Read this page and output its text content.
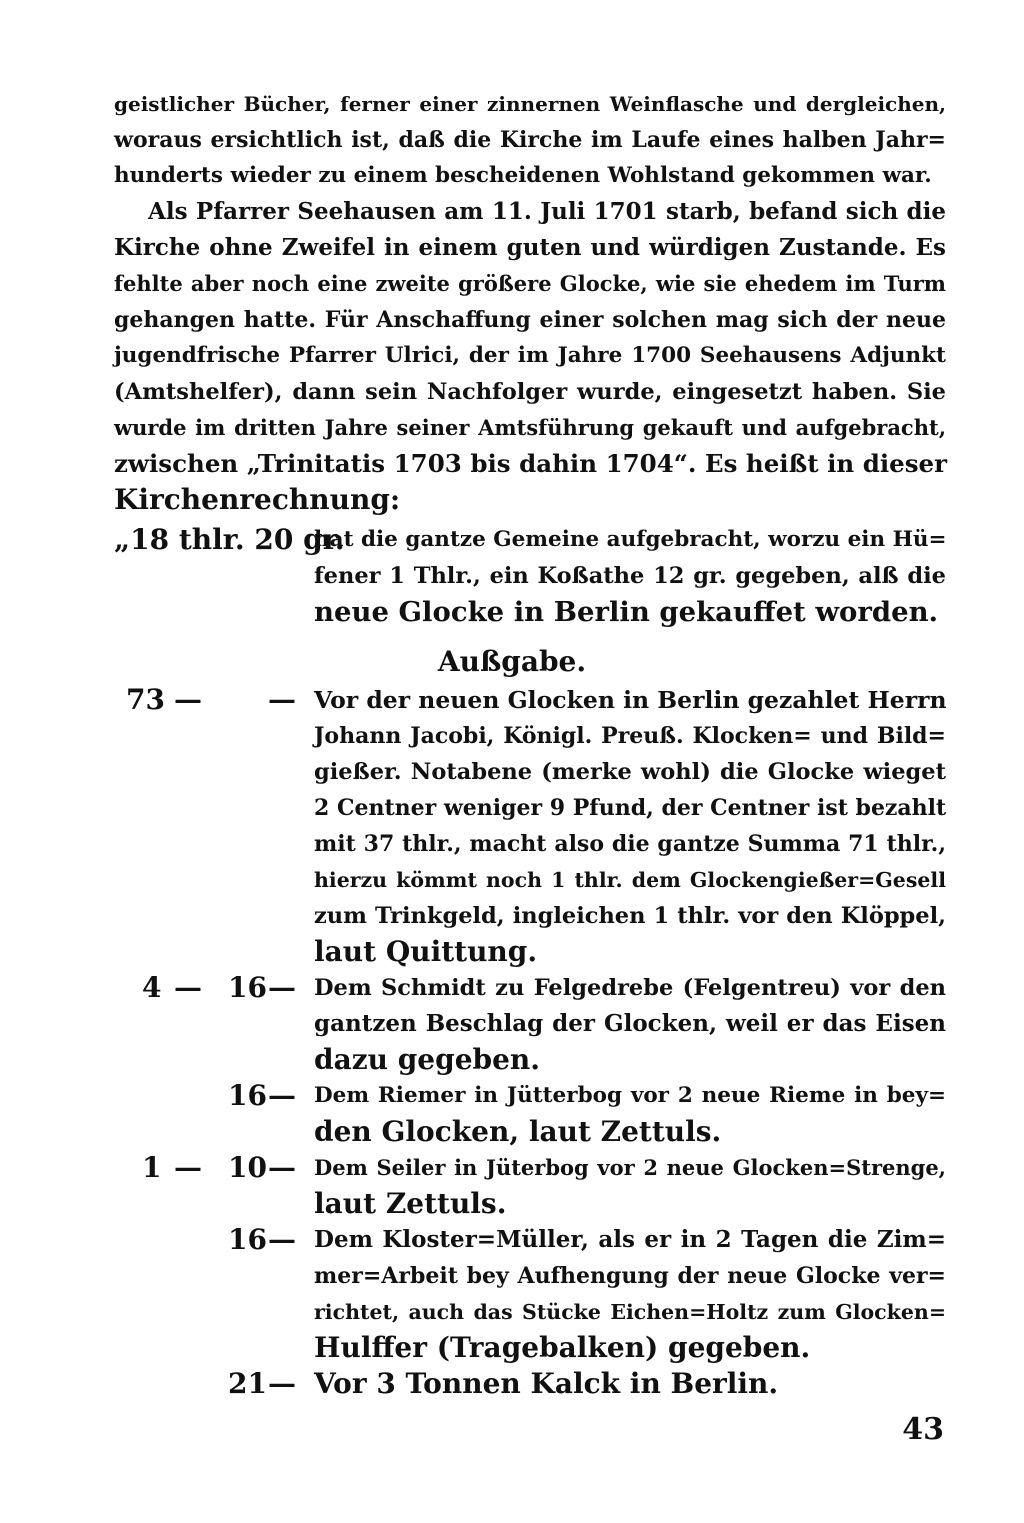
geistlicher Bücher, ferner einer zinnernen Weinflasche und dergleichen,
woraus ersichtlich ist, daß die Kirche im Laufe eines halben Jahr=
hunderts wieder zu einem bescheidenen Wohlstand gekommen war.
Als Pfarrer Seehausen am 11. Juli 1701 starb, befand sich die
Kirche ohne Zweifel in einem guten und würdigen Zustande. Es
fehlte aber noch eine zweite größere Glocke, wie sie ehedem im Turm
gehangen hatte. Für Anschaffung einer solchen mag sich der neue
jugendfrische Pfarrer Ulrici, der im Jahre 1700 Seehausens Adjunkt
(Amtshelfer), dann sein Nachfolger wurde, eingesetzt haben. Sie
wurde im dritten Jahre seiner Amtsführung gekauft und aufgebracht,
zwischen „Trinitatis 1703 bis dahin 1704“. Es heißt in dieser
Kirchenrechnung:
„18 thlr. 20 gr.
hat die gantze Gemeine aufgebracht, worzu ein Hü=
fener 1 Thlr., ein Koßathe 12 gr. gegeben, alß die
neue Glocke in Berlin gekauffet worden.
Außgabe.
73 — — Vor der neuen Glocken in Berlin gezahlet Herrn
Johann Jacobi, Königl. Preuß. Klocken= und Bild=
gießer. Notabene (merke wohl) die Glocke wieget
2 Centner weniger 9 Pfund, der Centner ist bezahlt
mit 37 thlr., macht also die gantze Summa 71 thlr.,
hierzu kömmt noch 1 thlr. dem Glockengießer=Gesell
zum Trinkgeld, ingleichen 1 thlr. vor den Klöppel,
laut Quittung.
4 — 16 — Dem Schmidt zu Felgedrebe (Felgentreu) vor den
gantzen Beschlag der Glocken, weil er das Eisen
dazu gegeben.
16 — Dem Riemer in Jütterbog vor 2 neue Rieme in bey=
den Glocken, laut Zettuls.
1 — 10 — Dem Seiler in Jüterbog vor 2 neue Glocken=Strenge,
laut Zettuls.
16 — Dem Kloster=Müller, als er in 2 Tagen die Zim=
mer=Arbeit bey Aufhengung der neue Glocke ver=
richtet, auch das Stücke Eichen=Holtz zum Glocken=
Hulffer (Tragebalken) gegeben.
21 — Vor 3 Tonnen Kalck in Berlin.
43
